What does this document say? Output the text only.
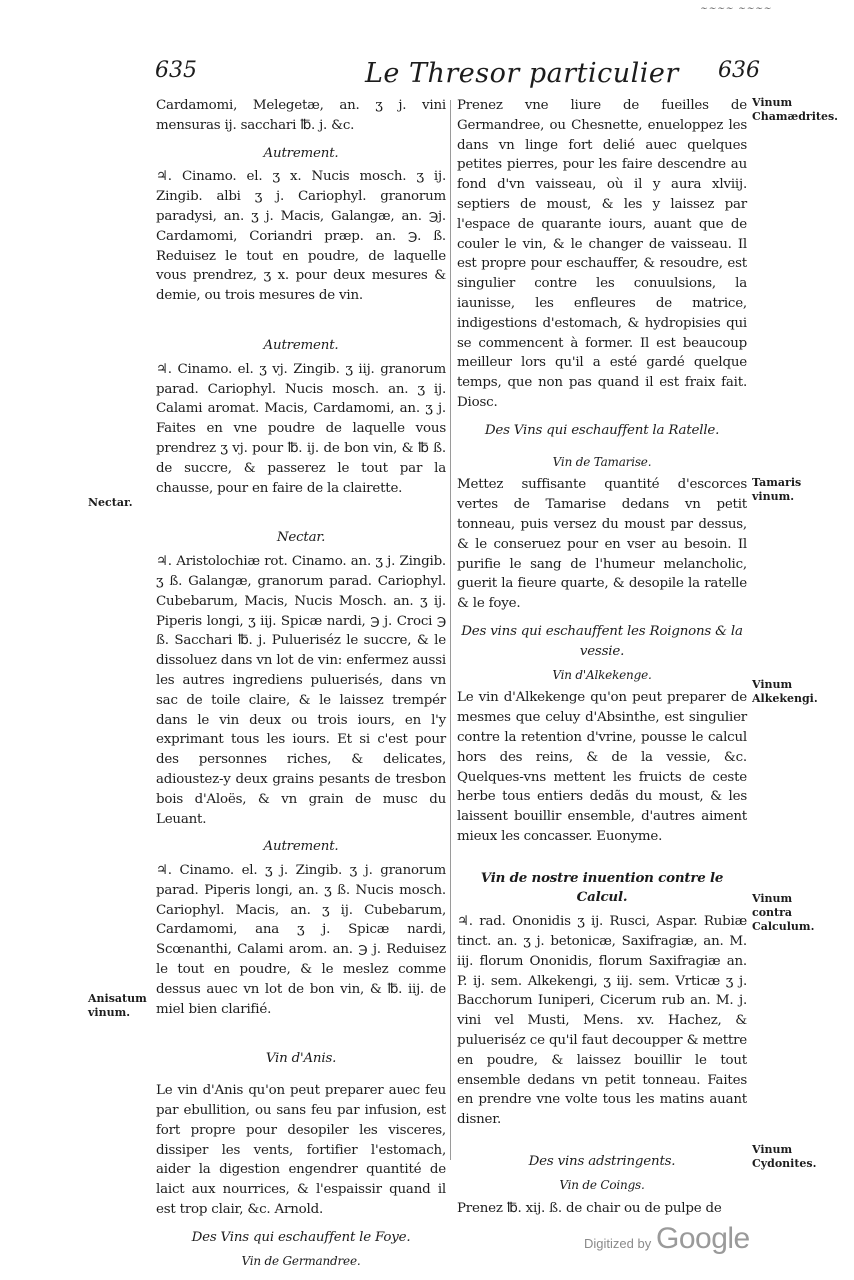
~~~~ ~~~~
635	Le Thresor particulier 636

Cardamomi, Melegetæ, an. ʒ j. vini mensuras ij. sacchari ℔. j. &c.

Autrement.

♃. Cinamo. el. ʒ x. Nucis mosch. ʒ ij. Zingib. albi ʒ j. Cariophyl. granorum paradysi, an. ʒ j. Macis, Galangæ, an. ℈j. Cardamomi, Coriandri præp. an. ℈. ß. Reduisez le tout en poudre, de laquelle vous prendrez, ʒ x. pour deux mesures & demie, ou trois mesures de vin.

Autrement.

♃. Cinamo. el. ʒ vj. Zingib. ʒ iij. granorum parad. Cariophyl. Nucis mosch. an. ʒ ij. Calami aromat. Macis, Cardamomi, an. ʒ j. Faites en vne poudre de laquelle vous prendrez ʒ vj. pour ℔. ij. de bon vin, & ℔ ß. de succre, & passerez le tout par la chausse, pour en faire de la clairette.

Nectar.

♃. Aristolochiæ rot. Cinamo. an. ʒ j. Zingib. ʒ ß. Galangæ, granorum parad. Cariophyl. Cubebarum, Macis, Nucis Mosch. an. ʒ ij. Piperis longi, ʒ iij. Spicæ nardi, ℈ j. Croci ℈ ß. Sacchari ℔. j. Pulueriséz le succre, & le dissoluez dans vn lot de vin: enfermez aussi les autres ingrediens puluerisés, dans vn sac de toile claire, & le laissez trempér dans le vin deux ou trois iours, en l'y exprimant tous les iours. Et si c'est pour des personnes riches, & delicates, adioustez-y deux grains pesants de tresbon bois d'Aloës, & vn grain de musc du Leuant.

Autrement.

♃. Cinamo. el. ʒ j. Zingib. ʒ j. granorum parad. Piperis longi, an. ʒ ß. Nucis mosch. Cariophyl. Macis, an. ʒ ij. Cubebarum, Cardamomi, ana ʒ j. Spicæ nardi, Scœnanthi, Calami arom. an. ℈ j. Reduisez le tout en poudre, & le meslez comme dessus auec vn lot de bon vin, & ℔. iij. de miel bien clarifié.

Vin d'Anis.

Le vin d'Anis qu'on peut preparer auec feu par ebullition, ou sans feu par infusion, est fort propre pour desopiler les visceres, dissiper les vents, fortifier l'estomach, aider la digestion engendrer quantité de laict aux nourrices, & l'espaissir quand il est trop clair, &c. Arnold.

Des Vins qui eschauffent le Foye.

Vin de Germandree.

Prenez vne liure de fueilles de Germandree, ou Chesnette, enueloppez les dans vn linge fort delié auec quelques petites pierres, pour les faire descendre au fond d'vn vaisseau, où il y aura xlviij. septiers de moust, & les y laissez par l'espace de quarante iours, auant que de couler le vin, & le changer de vaisseau. Il est propre pour eschauffer, & resoudre, est singulier contre les conuulsions, la iaunisse, les enfleures de matrice, indigestions d'estomach, & hydropisies qui se commencent à former. Il est beaucoup meilleur lors qu'il a esté gardé quelque temps, que non pas quand il est fraix fait. Diosc.

Des Vins qui eschauffent la Ratelle.

Vin de Tamarise.

Mettez suffisante quantité d'escorces vertes de Tamarise dedans vn petit tonneau, puis versez du moust par dessus, & le conseruez pour en vser au besoin. Il purifie le sang de l'humeur melancholic, guerit la fieure quarte, & desopile la ratelle & le foye.

Des vins qui eschauffent les Roignons & la vessie.

Vin d'Alkekenge.

Le vin d'Alkekenge qu'on peut preparer de mesmes que celuy d'Absinthe, est singulier contre la retention d'vrine, pousse le calcul hors des reins, & de la vessie, &c. Quelques-vns mettent les fruicts de ceste herbe tous entiers dedãs du moust, & les laissent bouillir ensemble, d'autres aiment mieux les concasser. Euonyme.

Vin de nostre inuention contre le Calcul.

♃. rad. Ononidis ʒ ij. Rusci, Aspar. Rubiæ tinct. an. ʒ j. betonicæ, Saxifragiæ, an. M. iij. florum Ononidis, florum Saxifragiæ an. P. ij. sem. Alkekengi, ʒ iij. sem. Vrticæ ʒ j. Bacchorum Iuniperi, Cicerum rub an. M. j. vini vel Musti, Mens. xv. Hachez, & pulueriséz ce qu'il faut decoupper & mettre en poudre, & laissez bouillir le tout ensemble dedans vn petit tonneau. Faites en prendre vne volte tous les matins auant disner.

Des vins adstringents.

Vin de Coings.

Prenez ℔. xij. ß. de chair ou de pulpe de

Vinum Chamædrites.
Tamaris vinum.
Vinum Alkekengi.
Vinum contra Calculum.
Vinum Cydonites.
Nectar.
Anisatum vinum.
Digitized by Google
